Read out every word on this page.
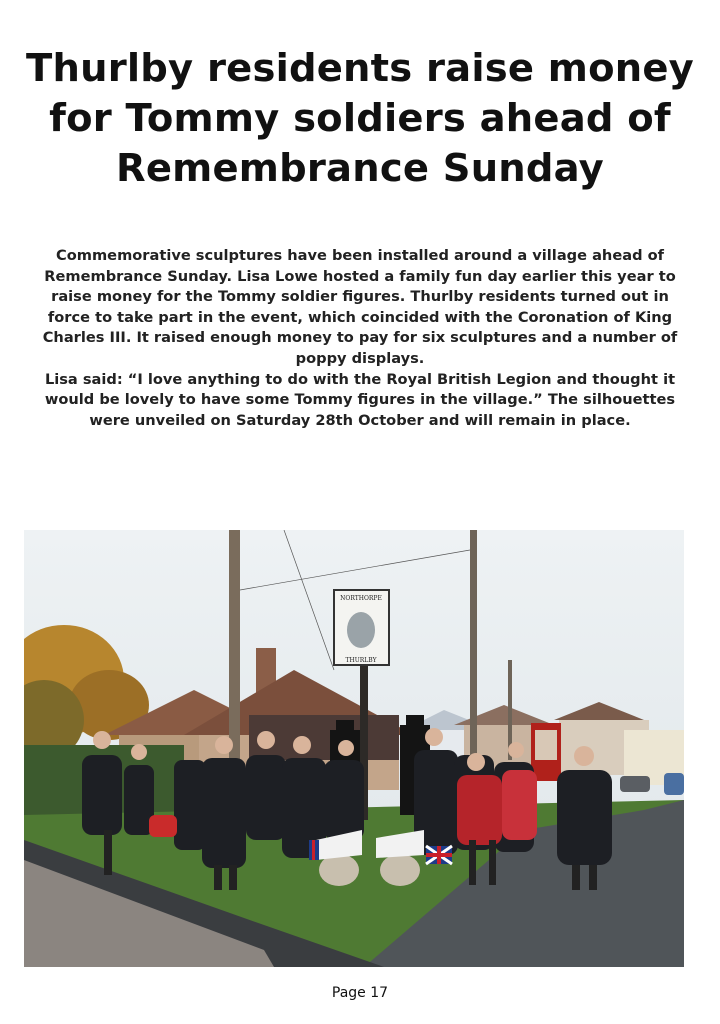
Thurlby residents raise money for Tommy soldiers ahead of Remembrance Sunday

Commemorative sculptures have been installed around a village ahead of Remembrance Sunday. Lisa Lowe hosted a family fun day earlier this year to raise money for the Tommy soldier figures. Thurlby residents turned out in force to take part in the event, which coincided with the Coronation of King Charles III. It raised enough money to pay for six sculptures and a number of poppy displays.

Lisa said: “I love anything to do with the Royal British Legion and thought it would be lovely to have some Tommy figures in the village.” The silhouettes were unveiled on Saturday 28th October and will remain in place.

NORTHORPE
THURLBY
Page 17
